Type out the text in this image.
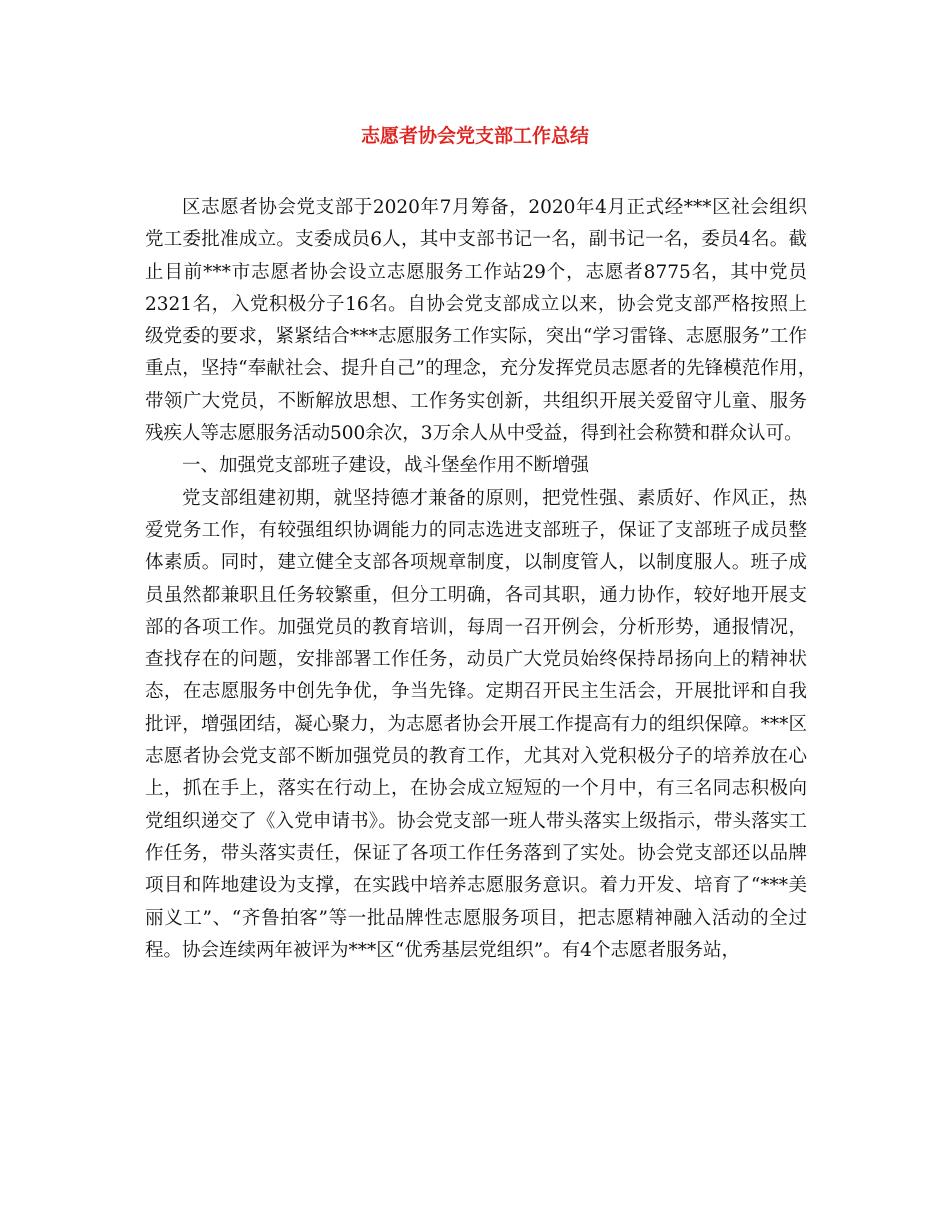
志愿者协会党支部工作总结

区志愿者协会党支部于2020年7月筹备，2020年4月正式经***区社会组织党工委批准成立。支委成员6人，其中支部书记一名，副书记一名，委员4名。截止目前***市志愿者协会设立志愿服务工作站29个，志愿者8775名，其中党员2321名，入党积极分子16名。自协会党支部成立以来，协会党支部严格按照上级党委的要求，紧紧结合***志愿服务工作实际，突出“学习雷锋、志愿服务”工作重点，坚持“奉献社会、提升自己”的理念，充分发挥党员志愿者的先锋模范作用，　带领广大党员，不断解放思想、工作务实创新，共组织开展关爱留守儿童、服务残疾人等志愿服务活动500余次，3万余人从中受益，得到社会称赞和群众认可。

一、加强党支部班子建设，战斗堡垒作用不断增强

党支部组建初期，就坚持德才兼备的原则，把党性强、素质好、作风正，热爱党务工作，有较强组织协调能力的同志选进支部班子，保证了支部班子成员整体素质。同时，建立健全支部各项规章制度，以制度管人，以制度服人。班子成员虽然都兼职且任务较繁重，但分工明确，各司其职，通力协作，较好地开展支部的各项工作。加强党员的教育培训，每周一召开例会，分析形势，通报情况，查找存在的问题，安排部署工作任务，动员广大党员始终保持昂扬向上的精神状态，在志愿服务中创先争优，争当先锋。定期召开民主生活会，开展批评和自我批评，增强团结，凝心聚力，为志愿者协会开展工作提高有力的组织保障。***区志愿者协会党支部不断加强党员的教育工作，尤其对入党积极分子的培养放在心上，抓在手上，落实在行动上，在协会成立短短的一个月中，有三名同志积极向党组织递交了《入党申请书》。协会党支部一班人带头落实上级指示，带头落实工作任务，带头落实责任，保证了各项工作任务落到了实处。协会党支部还以品牌项目和阵地建设为支撑，在实践中培养志愿服务意识。着力开发、培育了“***美丽义工”、“齐鲁拍客”等一批品牌性志愿服务项目，把志愿精神融入活动的全过程。协会连续两年被评为***区“优秀基层党组织”。有4个志愿者服务站，
